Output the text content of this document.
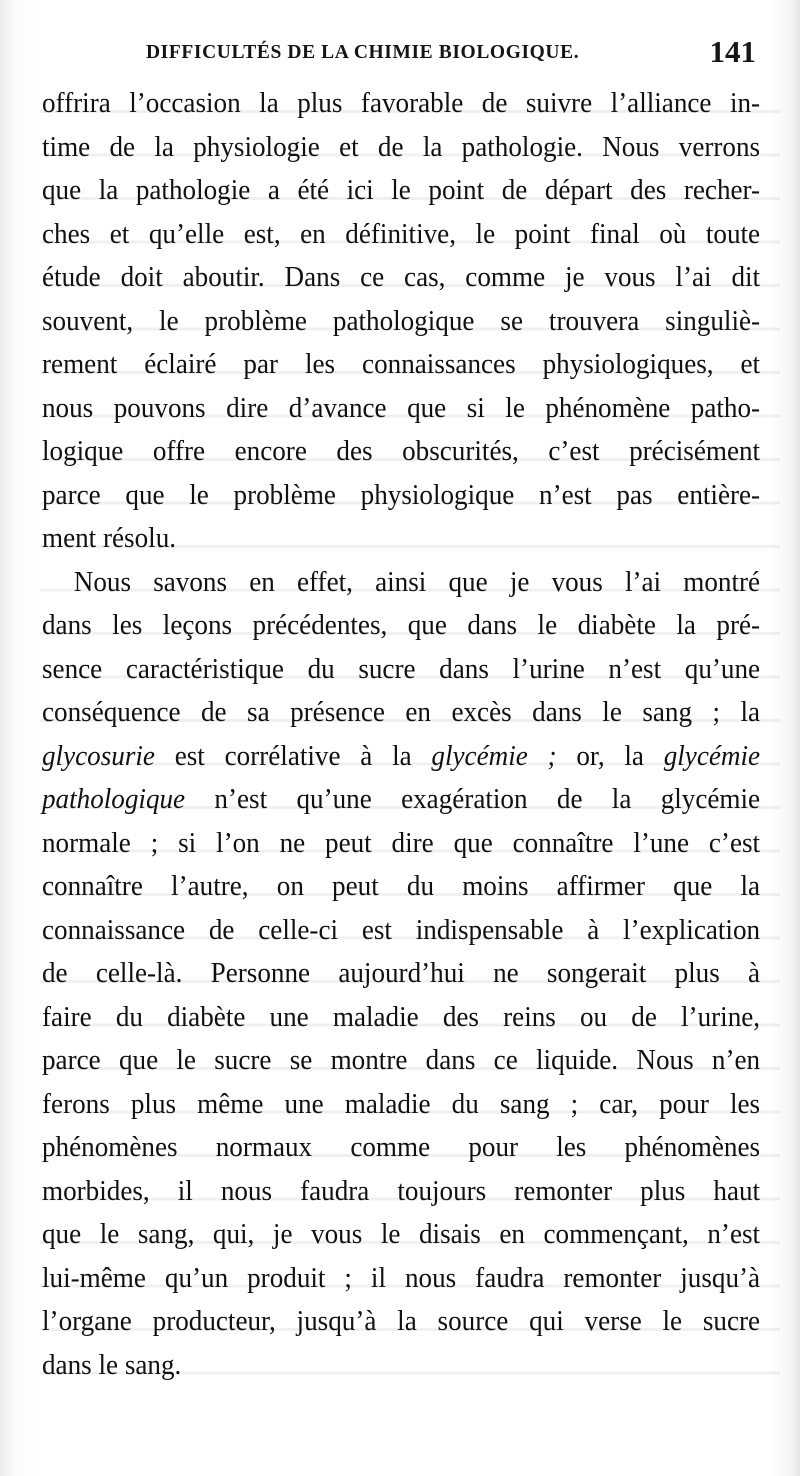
DIFFICULTÉS DE LA CHIMIE BIOLOGIQUE.	141
offrira l’occasion la plus favorable de suivre l’alliance in-
time de la physiologie et de la pathologie. Nous verrons
que la pathologie a été ici le point de départ des recher-
ches et qu’elle est, en définitive, le point final où toute
étude doit aboutir. Dans ce cas, comme je vous l’ai dit
souvent, le problème pathologique se trouvera singuliè-
rement éclairé par les connaissances physiologiques, et
nous pouvons dire d’avance que si le phénomène patho-
logique offre encore des obscurités, c’est précisément
parce que le problème physiologique n’est pas entière-
ment résolu.
Nous savons en effet, ainsi que je vous l’ai montré
dans les leçons précédentes, que dans le diabète la pré-
sence caractéristique du sucre dans l’urine n’est qu’une
conséquence de sa présence en excès dans le sang ; la
glycosurie est corrélative à la glycémie ; or, la glycémie
pathologique n’est qu’une exagération de la glycémie
normale ; si l’on ne peut dire que connaître l’une c’est
connaître l’autre, on peut du moins affirmer que la
connaissance de celle-ci est indispensable à l’explication
de celle-là. Personne aujourd’hui ne songerait plus à
faire du diabète une maladie des reins ou de l’urine,
parce que le sucre se montre dans ce liquide. Nous n’en
ferons plus même une maladie du sang ; car, pour les
phénomènes normaux comme pour les phénomènes
morbides, il nous faudra toujours remonter plus haut
que le sang, qui, je vous le disais en commençant, n’est
lui-même qu’un produit ; il nous faudra remonter jusqu’à
l’organe producteur, jusqu’à la source qui verse le sucre
dans le sang.
